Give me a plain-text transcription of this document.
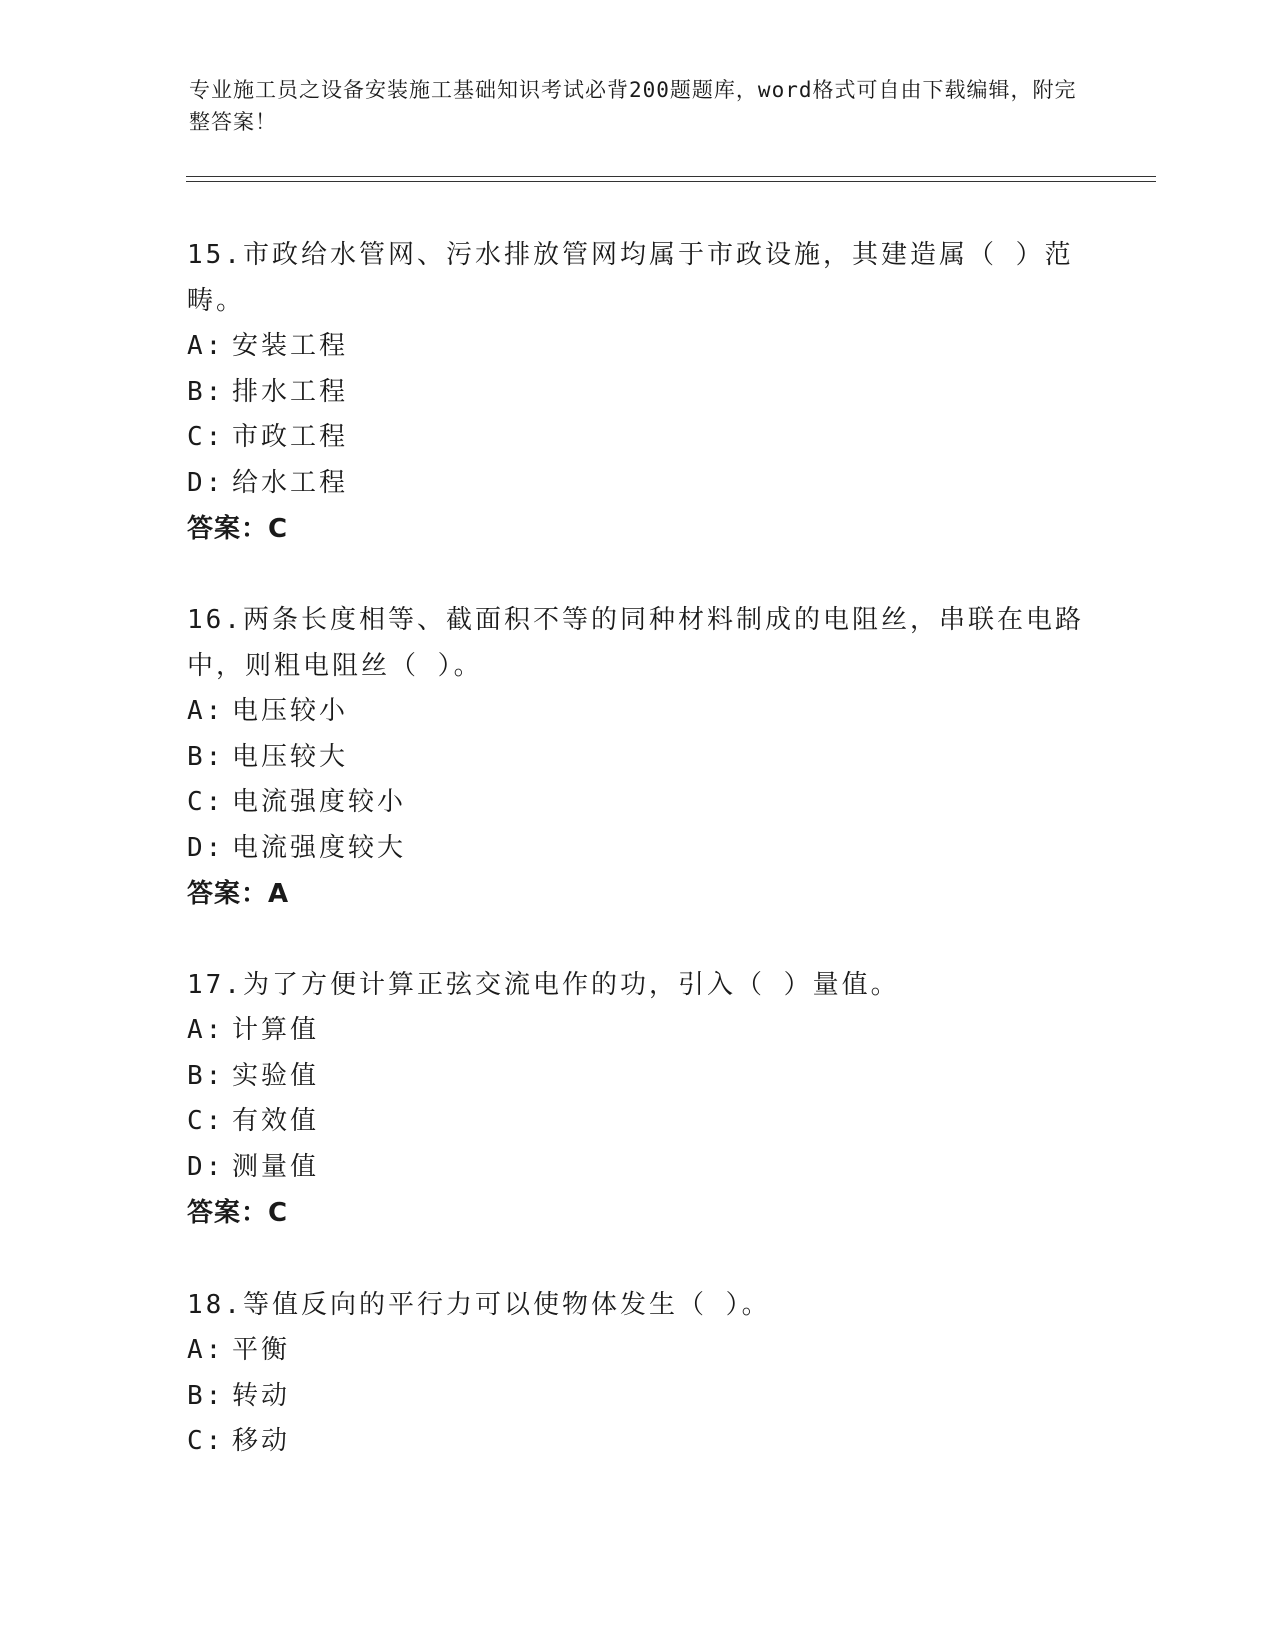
专业施工员之设备安装施工基础知识考试必背200题题库，word格式可自由下载编辑，附完整答案！

15.市政给水管网、污水排放管网均属于市政设施，其建造属（ ）范畴。

A: 安装工程
B: 排水工程
C: 市政工程
D: 给水工程
答案：C

16.两条长度相等、截面积不等的同种材料制成的电阻丝，串联在电路中，则粗电阻丝（ ）。

A: 电压较小
B: 电压较大
C: 电流强度较小
D: 电流强度较大
答案：A

17.为了方便计算正弦交流电作的功，引入（ ）量值。

A: 计算值
B: 实验值
C: 有效值
D: 测量值
答案：C

18.等值反向的平行力可以使物体发生（ ）。

A: 平衡
B: 转动
C: 移动
